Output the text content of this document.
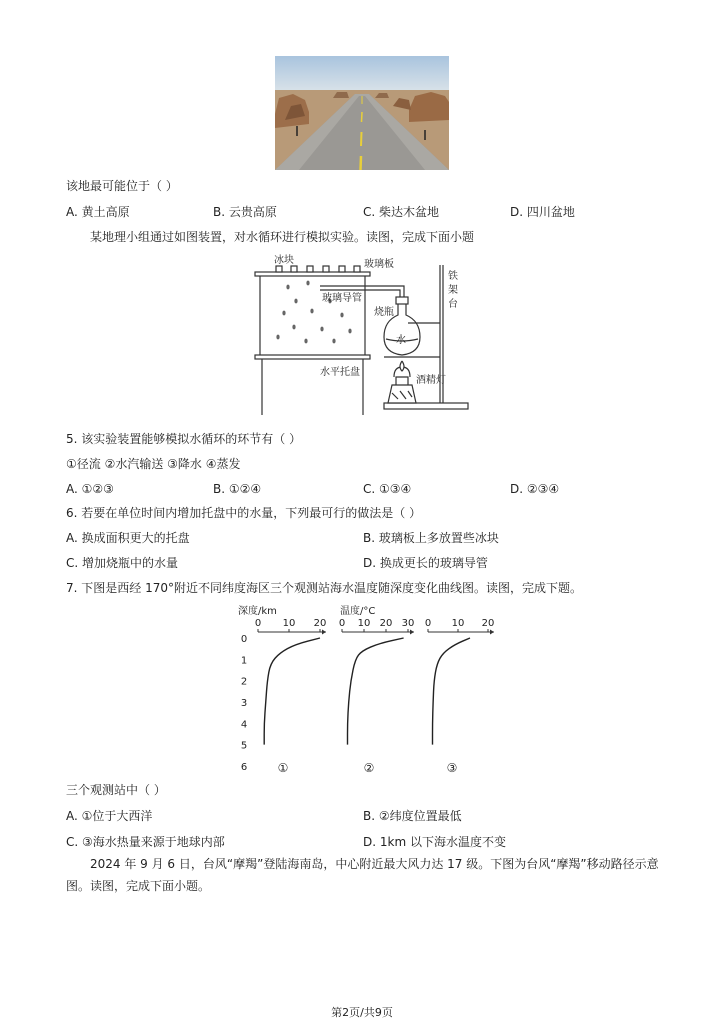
该地最可能位于（ ）
A. 黄土高原	B. 云贵高原	C. 柴达木盆地	D. 四川盆地
某地理小组通过如图装置，对水循环进行模拟实验。读图，完成下面小题
冰块	玻璃板
铁
架
台
玻璃导管
烧瓶
水
水平托盘
酒精灯
5. 该实验装置能够模拟水循环的环节有（ ）
①径流 ②水汽输送 ③降水 ④蒸发
A. ①②③	B. ①②④	C. ①③④	D. ②③④
6. 若要在单位时间内增加托盘中的水量，下列最可行的做法是（ ）
A. 换成面积更大的托盘	B. 玻璃板上多放置些冰块
C. 增加烧瓶中的水量	D. 换成更长的玻璃导管
7. 下图是西经 170°附近不同纬度海区三个观测站海水温度随深度变化曲线图。读图，完成下题。
深度/km	温度/°C
0
1
2
3
4
5
6
0 10 20
①
0 10 20 30
②
0 10 20
③
三个观测站中（ ）
A. ①位于大西洋	B. ②纬度位置最低
C. ③海水热量来源于地球内部	D. 1km 以下海水温度不变
2024 年 9 月 6 日，台风“摩羯”登陆海南岛，中心附近最大风力达 17 级。下图为台风“摩羯”移动路径示意图。读图，完成下面小题。
第2页/共9页
